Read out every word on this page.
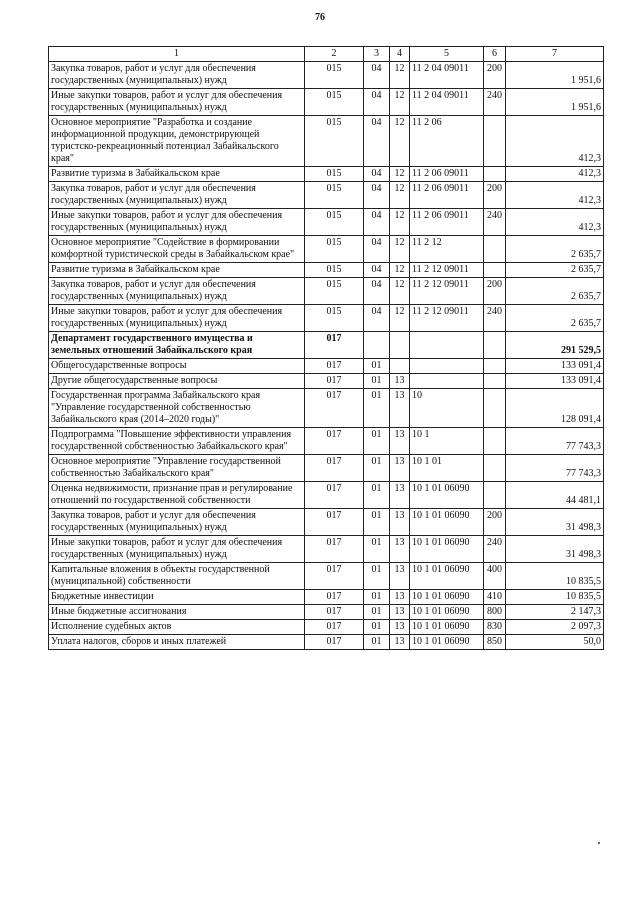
76
1	2	3	4	5	6	7
Закупка товаров, работ и услуг для обеспечения государственных (муниципальных) нужд	015	04	12	11 2 04 09011	200	1 951,6
Иные закупки товаров, работ и услуг для обеспечения государственных (муниципальных) нужд	015	04	12	11 2 04 09011	240	1 951,6
Основное мероприятие "Разработка и создание информационной продукции, демонстрирующей туристско-рекреационный потенциал Забайкальского края"	015	04	12	11 2 06		412,3
Развитие туризма в Забайкальском крае	015	04	12	11 2 06 09011		412,3
Закупка товаров, работ и услуг для обеспечения государственных (муниципальных) нужд	015	04	12	11 2 06 09011	200	412,3
Иные закупки товаров, работ и услуг для обеспечения государственных (муниципальных) нужд	015	04	12	11 2 06 09011	240	412,3
Основное мероприятие "Содействие в формировании комфортной туристической среды в Забайкальском крае"	015	04	12	11 2 12		2 635,7
Развитие туризма в Забайкальском крае	015	04	12	11 2 12 09011		2 635,7
Закупка товаров, работ и услуг для обеспечения государственных (муниципальных) нужд	015	04	12	11 2 12 09011	200	2 635,7
Иные закупки товаров, работ и услуг для обеспечения государственных (муниципальных) нужд	015	04	12	11 2 12 09011	240	2 635,7
Департамент государственного имущества и земельных отношений Забайкальского края	017					291 529,5
Общегосударственные вопросы	017	01				133 091,4
Другие общегосударственные вопросы	017	01	13			133 091,4
Государственная программа Забайкальского края "Управление государственной собственностью Забайкальского края (2014–2020 годы)"	017	01	13	10		128 091,4
Подпрограмма "Повышение эффективности управления государственной собственностью Забайкальского края"	017	01	13	10 1		77 743,3
Основное мероприятие "Управление государственной собственностью Забайкальского края"	017	01	13	10 1 01		77 743,3
Оценка недвижимости, признание прав и регулирование отношений по государственной собственности	017	01	13	10 1 01 06090		44 481,1
Закупка товаров, работ и услуг для обеспечения государственных (муниципальных) нужд	017	01	13	10 1 01 06090	200	31 498,3
Иные закупки товаров, работ и услуг для обеспечения государственных (муниципальных) нужд	017	01	13	10 1 01 06090	240	31 498,3
Капитальные вложения в объекты государственной (муниципальной) собственности	017	01	13	10 1 01 06090	400	10 835,5
Бюджетные инвестиции	017	01	13	10 1 01 06090	410	10 835,5
Иные бюджетные ассигнования	017	01	13	10 1 01 06090	800	2 147,3
Исполнение судебных актов	017	01	13	10 1 01 06090	830	2 097,3
Уплата налогов, сборов и иных платежей	017	01	13	10 1 01 06090	850	50,0
